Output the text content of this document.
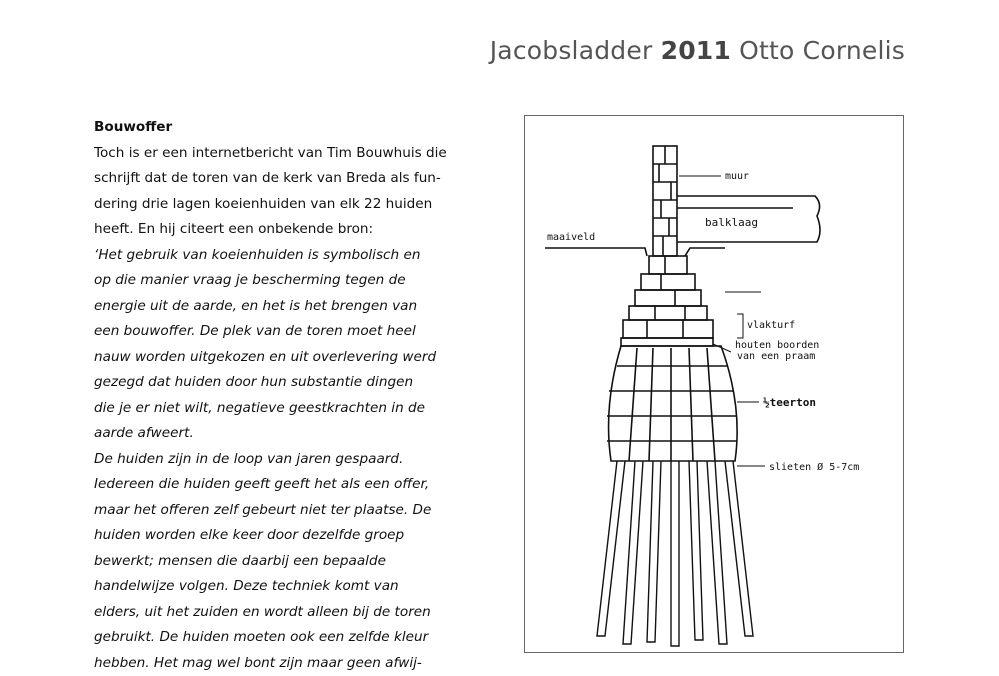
Jacobsladder 2011 Otto Cornelis

Bouwoffer

Toch is er een internetbericht van Tim Bouwhuis die

schrijft dat de toren van de kerk van Breda als fun-

dering drie lagen koeienhuiden van elk 22 huiden

heeft. En hij citeert een onbekende bron:

‘Het gebruik van koeienhuiden is symbolisch en

op die manier vraag je bescherming tegen de

energie uit de aarde, en het is het brengen van

een bouwoffer. De plek van de toren moet heel

nauw worden uitgekozen en uit overlevering werd

gezegd dat huiden door hun substantie dingen

die je er niet wilt, negatieve geestkrachten in de

aarde afweert.

De huiden zijn in de loop van jaren gespaard.

Iedereen die huiden geeft geeft het als een offer,

maar het offeren zelf gebeurt niet ter plaatse. De

huiden worden elke keer door dezelfde groep

bewerkt; mensen die daarbij een bepaalde

handelwijze volgen. Deze techniek komt van

elders, uit het zuiden en wordt alleen bij de toren

gebruikt. De huiden moeten ook een zelfde kleur

hebben. Het mag wel bont zijn maar geen afwij-

muur
balklaag
maaiveld
vlakturf
houten boorden
van een praam
½teerton
slieten Ø 5-7cm
